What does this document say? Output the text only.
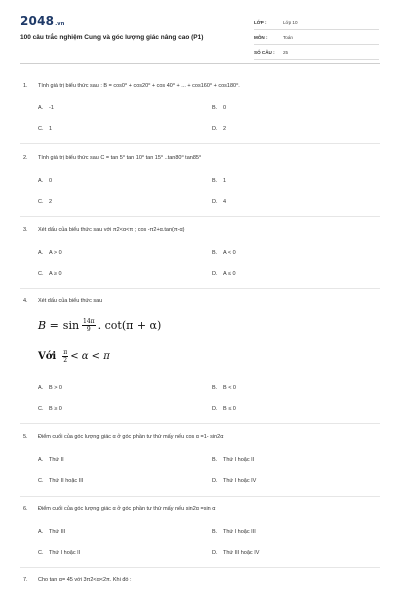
2048.vn
100 câu trắc nghiệm Cung và góc lượng giác nâng cao (P1)
LỚP :	Lớp 10
MÔN :	Toán
SỐ CÂU :	25
1. Tính giá trị biểu thức sau : B = cos0⁰ + cos20⁰ + cos 40⁰ + ... + cos160⁰ + cos180⁰.
A. -1	B. 0
C. 1	D. 2
2. Tính giá trị biểu thức sau C = tan 5⁰ tan 10⁰ tan 15⁰ ..tan80⁰ tan85⁰
A. 0	B. 1
C. 2	D. 4
3. Xét dấu của biểu thức sau với π2<α<π ; cos -π2+α.tan(π-α)
A. A > 0	B. A < 0
C. A ≥ 0	D. A ≤ 0
4. Xét dấu của biểu thức sau
$B = \sin \frac{14\pi}{9}$ . cot(π + α)
Với $\frac{\pi}{2} < \alpha < \pi$
A. B > 0	B. B < 0
C. B ≥ 0	D. B ≤ 0
5. Điểm cuối của góc lượng giác α ở góc phần tư thứ mấy nếu cos α =1- sin2α
A. Thứ II	B. Thứ I hoặc II
C. Thứ II hoặc III	D. Thứ I hoặc IV
6. Điểm cuối của góc lượng giác α ở góc phần tư thứ mấy nếu sin2α =sin α
A. Thứ III	B. Thứ I hoặc III
C. Thứ I hoặc II	D. Thứ III hoặc IV
7. Cho tan α= 45 với 3π2<α<2π. Khi đó :
